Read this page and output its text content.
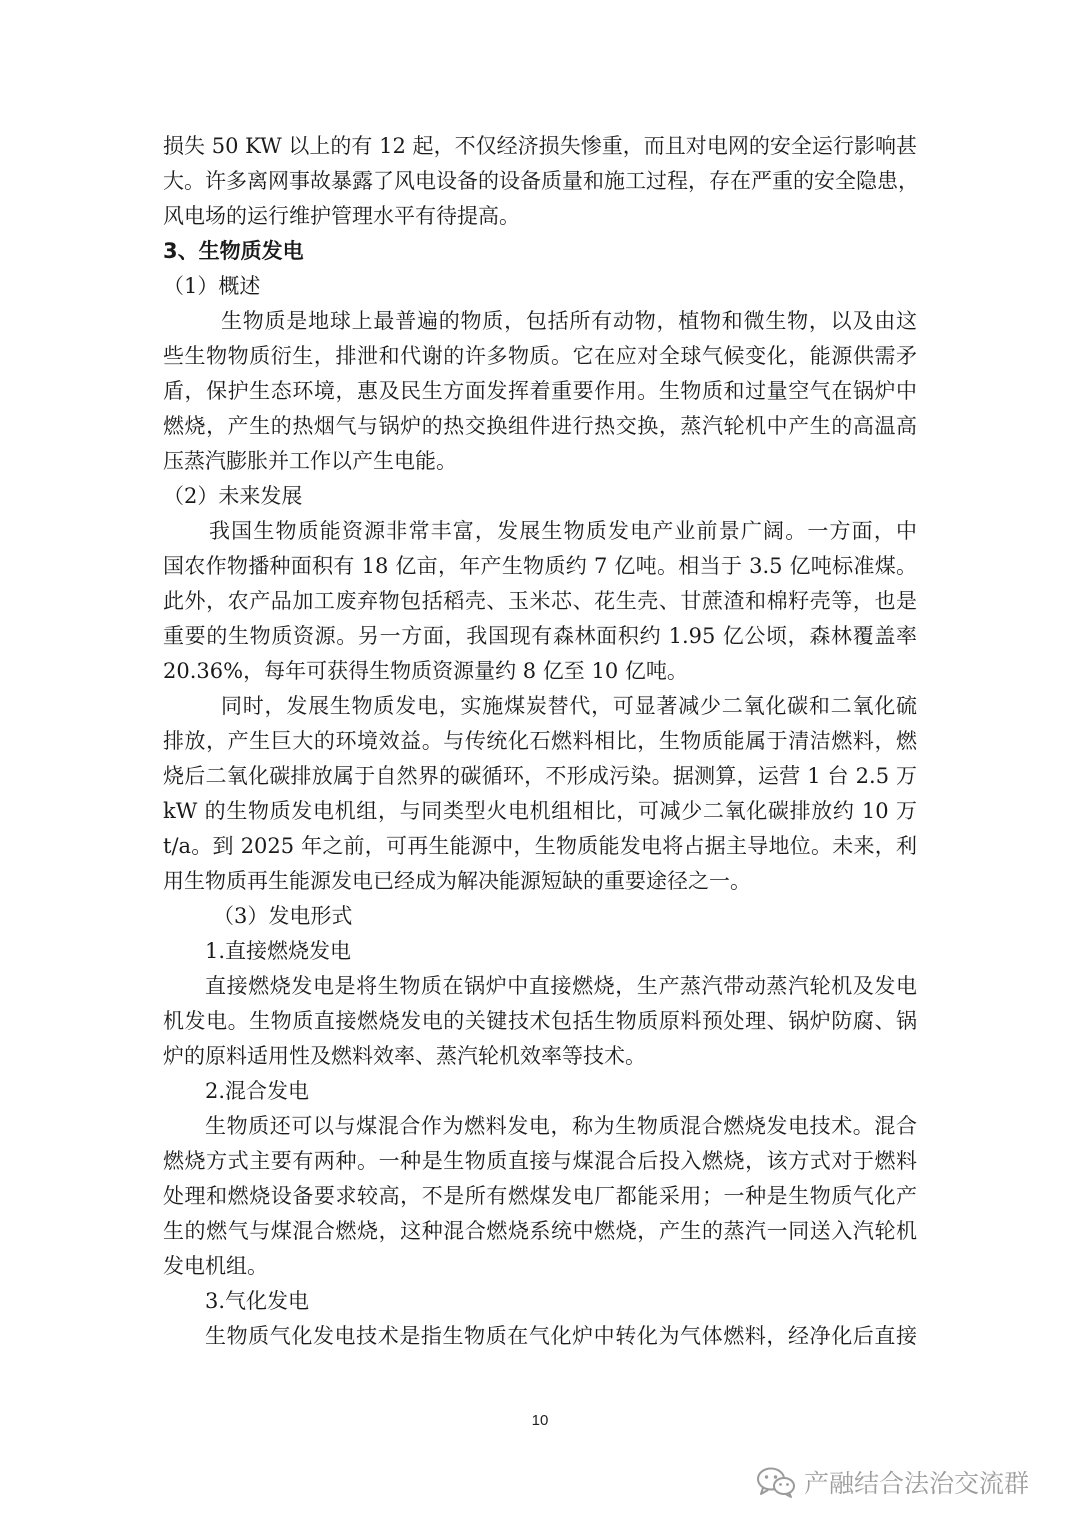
损失 50 KW 以上的有 12 起，不仅经济损失惨重，而且对电网的安全运行影响甚
大。许多离网事故暴露了风电设备的设备质量和施工过程，存在严重的安全隐患，
风电场的运行维护管理水平有待提高。
3、生物质发电
（1）概述
生物质是地球上最普遍的物质，包括所有动物，植物和微生物，以及由这
些生物物质衍生，排泄和代谢的许多物质。它在应对全球气候变化，能源供需矛
盾，保护生态环境，惠及民生方面发挥着重要作用。生物质和过量空气在锅炉中
燃烧，产生的热烟气与锅炉的热交换组件进行热交换，蒸汽轮机中产生的高温高
压蒸汽膨胀并工作以产生电能。
（2）未来发展
我国生物质能资源非常丰富，发展生物质发电产业前景广阔。一方面，中
国农作物播种面积有 18 亿亩，年产生物质约 7 亿吨。相当于 3.5 亿吨标准煤。
此外，农产品加工废弃物包括稻壳、玉米芯、花生壳、甘蔗渣和棉籽壳等，也是
重要的生物质资源。另一方面，我国现有森林面积约 1.95 亿公顷，森林覆盖率
20.36%，每年可获得生物质资源量约 8 亿至 10 亿吨。
同时，发展生物质发电，实施煤炭替代，可显著减少二氧化碳和二氧化硫
排放，产生巨大的环境效益。与传统化石燃料相比，生物质能属于清洁燃料，燃
烧后二氧化碳排放属于自然界的碳循环，不形成污染。据测算，运营 1 台 2.5 万
kW 的生物质发电机组，与同类型火电机组相比，可减少二氧化碳排放约 10 万
t/a。到 2025 年之前，可再生能源中，生物质能发电将占据主导地位。未来，利
用生物质再生能源发电已经成为解决能源短缺的重要途径之一。
（3）发电形式
1.直接燃烧发电
直接燃烧发电是将生物质在锅炉中直接燃烧，生产蒸汽带动蒸汽轮机及发电
机发电。生物质直接燃烧发电的关键技术包括生物质原料预处理、锅炉防腐、锅
炉的原料适用性及燃料效率、蒸汽轮机效率等技术。
2.混合发电
生物质还可以与煤混合作为燃料发电，称为生物质混合燃烧发电技术。混合
燃烧方式主要有两种。一种是生物质直接与煤混合后投入燃烧，该方式对于燃料
处理和燃烧设备要求较高，不是所有燃煤发电厂都能采用；一种是生物质气化产
生的燃气与煤混合燃烧，这种混合燃烧系统中燃烧，产生的蒸汽一同送入汽轮机
发电机组。
3.气化发电
生物质气化发电技术是指生物质在气化炉中转化为气体燃料，经净化后直接
10
产融结合法治交流群
